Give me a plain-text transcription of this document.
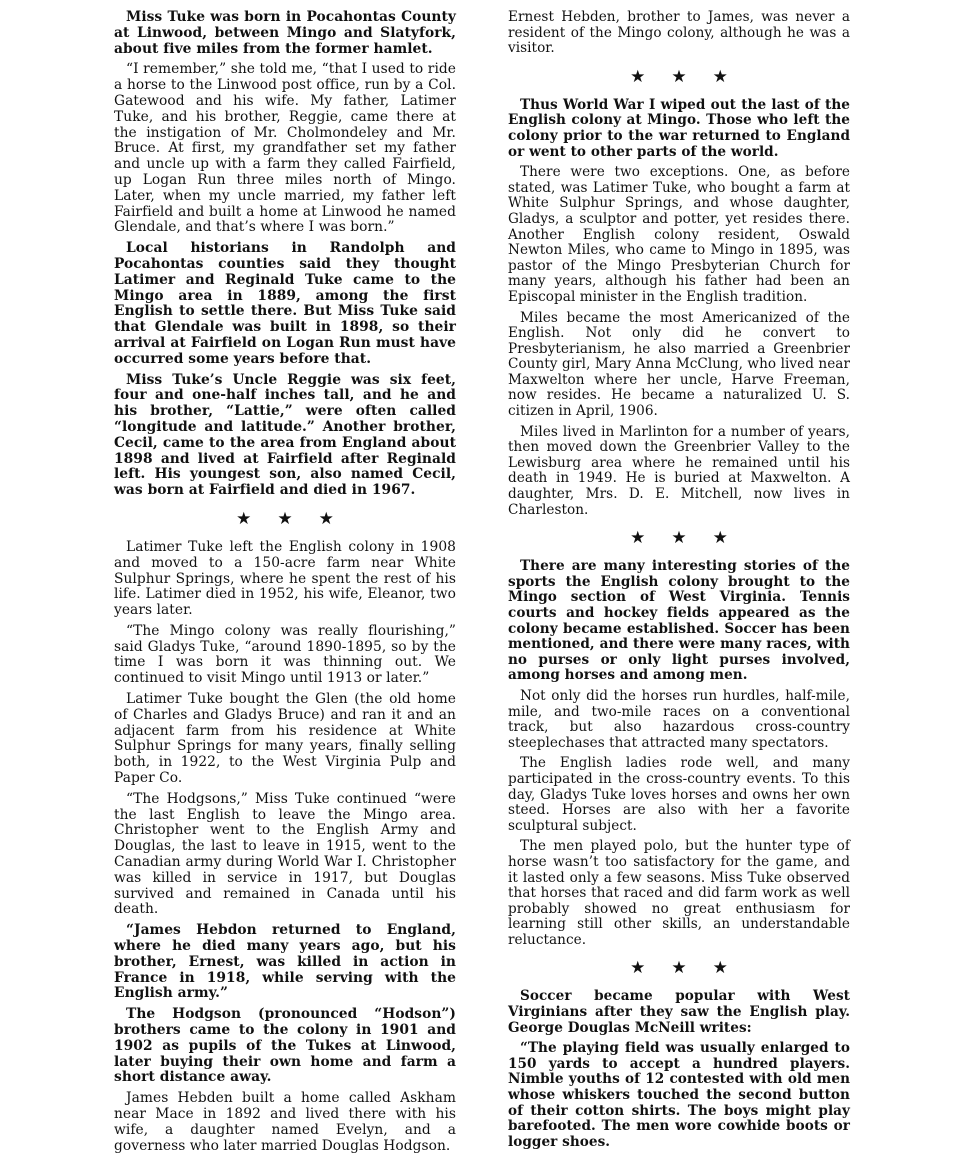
Miss Tuke was born in Pocahontas County at Linwood, between Mingo and Slatyfork, about five miles from the former hamlet.

“I remember,” she told me, “that I used to ride a horse to the Linwood post office, run by a Col. Gatewood and his wife. My father, Latimer Tuke, and his brother, Reggie, came there at the instigation of Mr. Cholmondeley and Mr. Bruce. At first, my grandfather set my father and uncle up with a farm they called Fairfield, up Logan Run three miles north of Mingo. Later, when my uncle married, my father left Fairfield and built a home at Linwood he named Glendale, and that’s where I was born.”

Local historians in Randolph and Pocahontas counties said they thought Latimer and Reginald Tuke came to the Mingo area in 1889, among the first English to settle there. But Miss Tuke said that Glendale was built in 1898, so their arrival at Fairfield on Logan Run must have occurred some years before that.

Miss Tuke’s Uncle Reggie was six feet, four and one-half inches tall, and he and his brother, “Lattie,” were often called “longitude and latitude.” Another brother, Cecil, came to the area from England about 1898 and lived at Fairfield after Reginald left. His youngest son, also named Cecil, was born at Fairfield and died in 1967.

★ ★ ★

Latimer Tuke left the English colony in 1908 and moved to a 150-acre farm near White Sulphur Springs, where he spent the rest of his life. Latimer died in 1952, his wife, Eleanor, two years later.

“The Mingo colony was really flourishing,” said Gladys Tuke, “around 1890-1895, so by the time I was born it was thinning out. We continued to visit Mingo until 1913 or later.”

Latimer Tuke bought the Glen (the old home of Charles and Gladys Bruce) and ran it and an adjacent farm from his residence at White Sulphur Springs for many years, finally selling both, in 1922, to the West Virginia Pulp and Paper Co.

“The Hodgsons,” Miss Tuke continued “were the last English to leave the Mingo area. Christopher went to the English Army and Douglas, the last to leave in 1915, went to the Canadian army during World War I. Christopher was killed in service in 1917, but Douglas survived and remained in Canada until his death.

“James Hebdon returned to England, where he died many years ago, but his brother, Ernest, was killed in action in France in 1918, while serving with the English army.”

The Hodgson (pronounced “Hodson”) brothers came to the colony in 1901 and 1902 as pupils of the Tukes at Linwood, later buying their own home and farm a short distance away.

James Hebden built a home called Askham near Mace in 1892 and lived there with his wife, a daughter named Evelyn, and a governess who later married Douglas Hodgson.

Ernest Hebden, brother to James, was never a resident of the Mingo colony, although he was a visitor.

★ ★ ★

Thus World War I wiped out the last of the English colony at Mingo. Those who left the colony prior to the war returned to England or went to other parts of the world.

There were two exceptions. One, as before stated, was Latimer Tuke, who bought a farm at White Sulphur Springs, and whose daughter, Gladys, a sculptor and potter, yet resides there. Another English colony resident, Oswald Newton Miles, who came to Mingo in 1895, was pastor of the Mingo Presbyterian Church for many years, although his father had been an Episcopal minister in the English tradition.

Miles became the most Americanized of the English. Not only did he convert to Presbyterianism, he also married a Greenbrier County girl, Mary Anna McClung, who lived near Maxwelton where her uncle, Harve Freeman, now resides. He became a naturalized U. S. citizen in April, 1906.

Miles lived in Marlinton for a number of years, then moved down the Greenbrier Valley to the Lewisburg area where he remained until his death in 1949. He is buried at Maxwelton. A daughter, Mrs. D. E. Mitchell, now lives in Charleston.

★ ★ ★

There are many interesting stories of the sports the English colony brought to the Mingo section of West Virginia. Tennis courts and hockey fields appeared as the colony became established. Soccer has been mentioned, and there were many races, with no purses or only light purses involved, among horses and among men.

Not only did the horses run hurdles, half-mile, mile, and two-mile races on a conventional track, but also hazardous cross-country steeplechases that attracted many spectators.

The English ladies rode well, and many participated in the cross-country events. To this day, Gladys Tuke loves horses and owns her own steed. Horses are also with her a favorite sculptural subject.

The men played polo, but the hunter type of horse wasn’t too satisfactory for the game, and it lasted only a few seasons. Miss Tuke observed that horses that raced and did farm work as well probably showed no great enthusiasm for learning still other skills, an understandable reluctance.

★ ★ ★

Soccer became popular with West Virginians after they saw the English play. George Douglas McNeill writes:

“The playing field was usually enlarged to 150 yards to accept a hundred players. Nimble youths of 12 contested with old men whose whiskers touched the second button of their cotton shirts. The boys might play barefooted. The men wore cowhide boots or logger shoes.
